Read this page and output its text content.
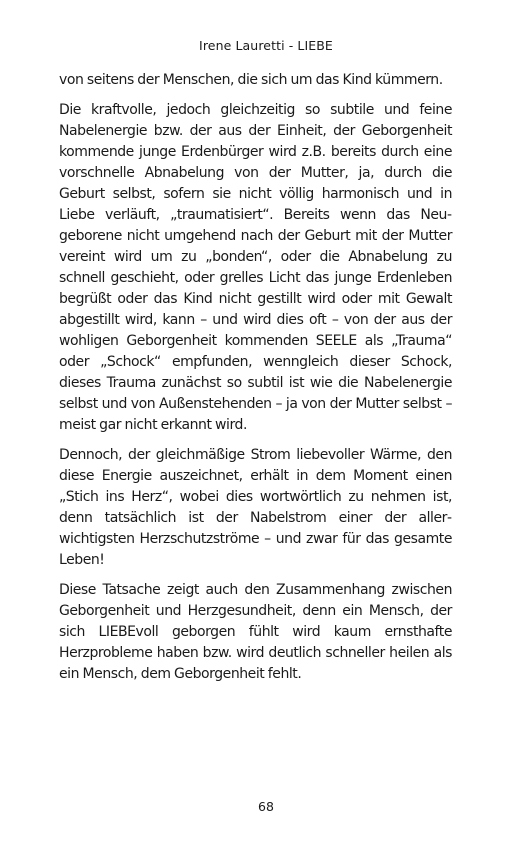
Irene Lauretti - LIEBE

von seitens der Menschen, die sich um das Kind kümmern.

Die kraftvolle, jedoch gleichzeitig so subtile und feine Nabelenergie bzw. der aus der Einheit, der Geborgenheit kommende junge Erdenbürger wird z.B. bereits durch eine vorschnelle Abnabelung von der Mutter, ja, durch die Geburt selbst, sofern sie nicht völlig harmonisch und in Liebe verläuft, „traumatisiert“. Bereits wenn das Neugeborene nicht umgehend nach der Geburt mit der Mutter vereint wird um zu „bonden“, oder die Abnabelung zu schnell geschieht, oder grelles Licht das junge Erdenleben begrüßt oder das Kind nicht gestillt wird oder mit Gewalt abgestillt wird, kann – und wird dies oft – von der aus der wohligen Geborgenheit kommenden SEELE als „Trauma“ oder „Schock“ empfunden, wenngleich dieser Schock, dieses Trauma zunächst so subtil ist wie die Nabelenergie selbst und von Außenstehenden – ja von der Mutter selbst – meist gar nicht erkannt wird.

Dennoch, der gleichmäßige Strom liebevoller Wärme, den diese Energie auszeichnet, erhält in dem Moment einen „Stich ins Herz“, wobei dies wortwörtlich zu nehmen ist, denn tatsächlich ist der Nabelstrom einer der allerwichtigsten Herzschutzströme – und zwar für das gesamte Leben!

Diese Tatsache zeigt auch den Zusammenhang zwischen Geborgenheit und Herzgesundheit, denn ein Mensch, der sich LIEBEvoll geborgen fühlt wird kaum ernsthafte Herzprobleme haben bzw. wird deutlich schneller heilen als ein Mensch, dem Geborgenheit fehlt.

68
